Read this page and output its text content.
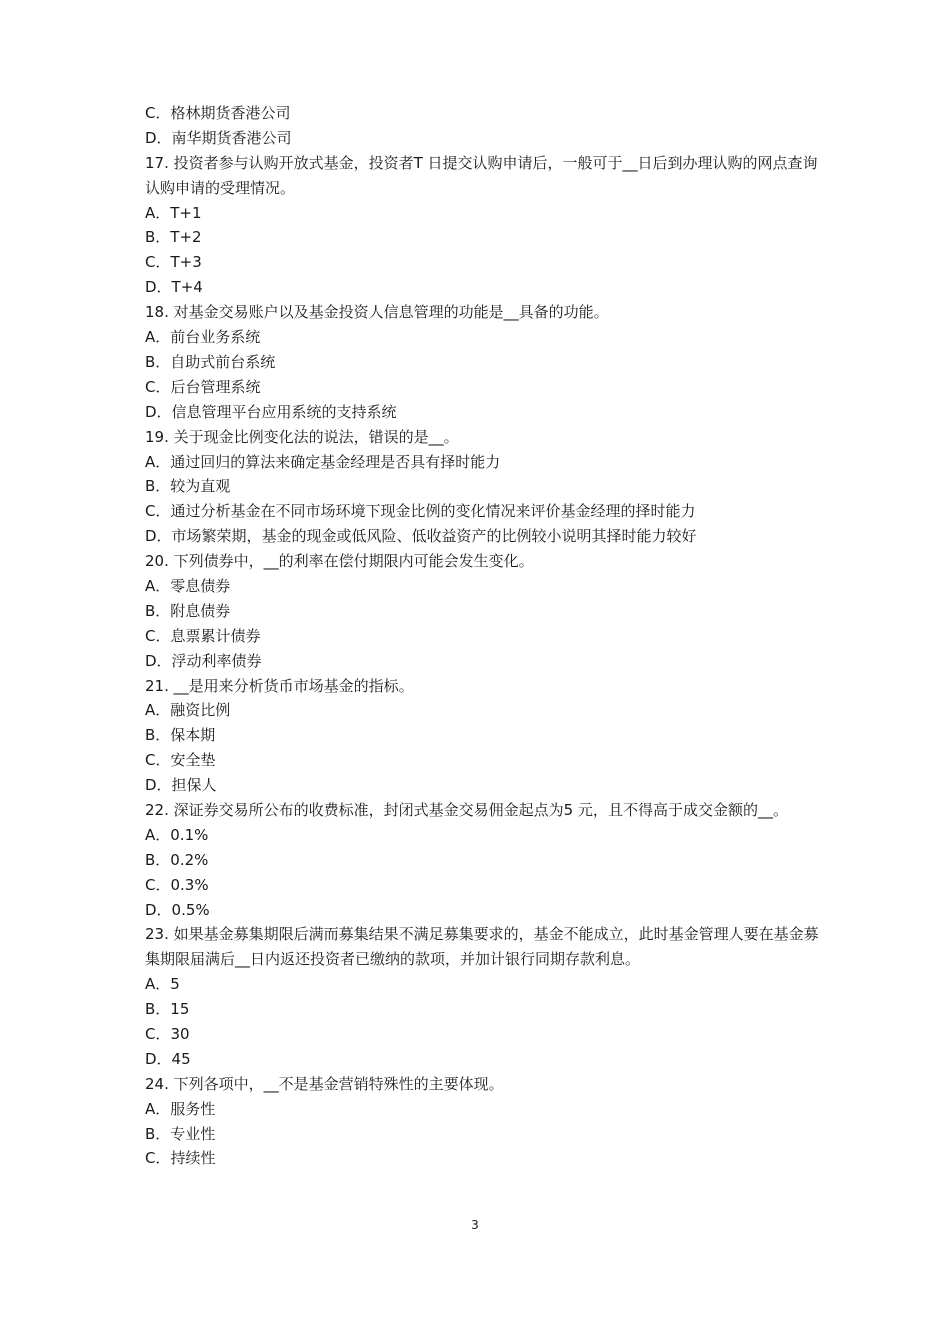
C．格林期货香港公司
D．南华期货香港公司
17. 投资者参与认购开放式基金，投资者T 日提交认购申请后，一般可于__日后到办理认购的网点查询认购申请的受理情况。
A．T+1
B．T+2
C．T+3
D．T+4
18. 对基金交易账户以及基金投资人信息管理的功能是__具备的功能。
A．前台业务系统
B．自助式前台系统
C．后台管理系统
D．信息管理平台应用系统的支持系统
19. 关于现金比例变化法的说法，错误的是__。
A．通过回归的算法来确定基金经理是否具有择时能力
B．较为直观
C．通过分析基金在不同市场环境下现金比例的变化情况来评价基金经理的择时能力
D．市场繁荣期，基金的现金或低风险、低收益资产的比例较小说明其择时能力较好
20. 下列债券中，__的利率在偿付期限内可能会发生变化。
A．零息债券
B．附息债券
C．息票累计债券
D．浮动利率债券
21. __是用来分析货币市场基金的指标。
A．融资比例
B．保本期
C．安全垫
D．担保人
22. 深证券交易所公布的收费标准，封闭式基金交易佣金起点为5 元，且不得高于成交金额的__。
A．0.1%
B．0.2%
C．0.3%
D．0.5%
23. 如果基金募集期限后满而募集结果不满足募集要求的，基金不能成立，此时基金管理人要在基金募集期限届满后__日内返还投资者已缴纳的款项，并加计银行同期存款利息。
A．5
B．15
C．30
D．45
24. 下列各项中，__不是基金营销特殊性的主要体现。
A．服务性
B．专业性
C．持续性
3
